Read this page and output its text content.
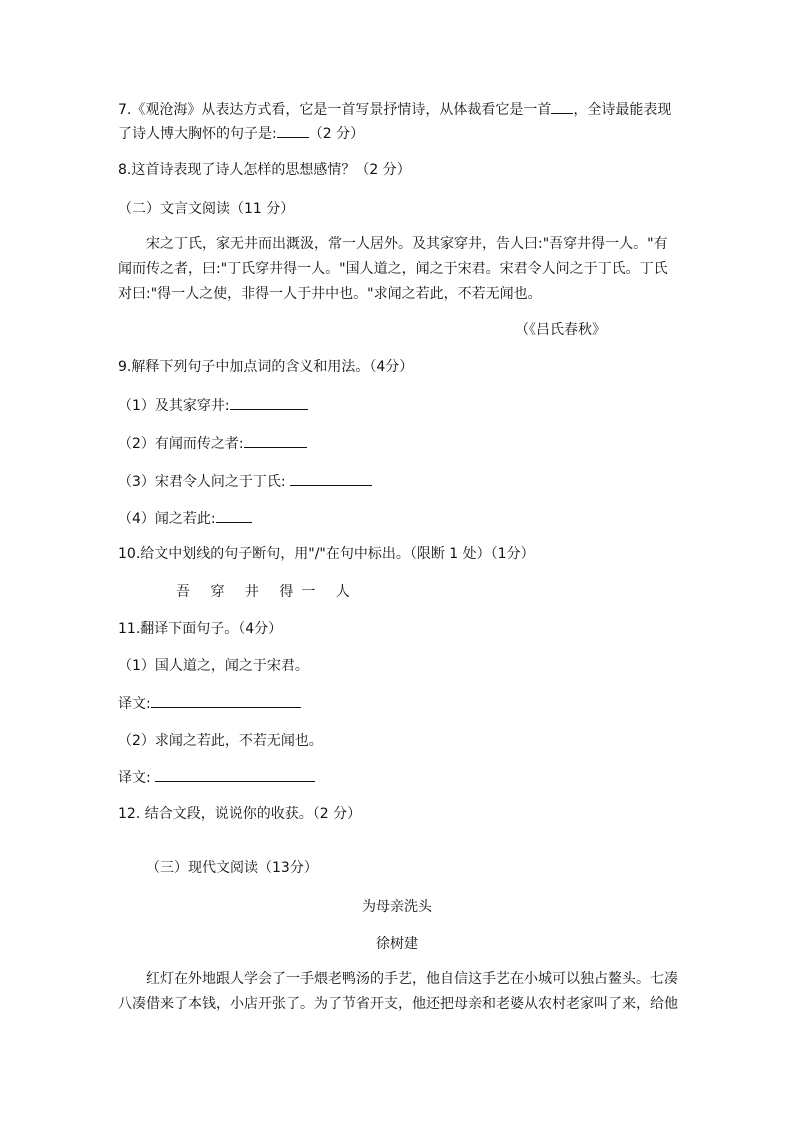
7.《观沧海》从表达方式看，它是一首写景抒情诗，从体裁看它是一首 ，全诗最能表现
了诗人博大胸怀的句子是: （2 分）
8.这首诗表现了诗人怎样的思想感情？（2 分）
（二）文言文阅读（11 分）
宋之丁氏，家无井而出溉汲，常一人居外。及其家穿井，告人曰:"吾穿井得一人。"有
闻而传之者，曰:"丁氏穿井得一人。"国人道之，闻之于宋君。宋君令人问之于丁氏。丁氏
对曰:"得一人之使，非得一人于井中也。"求闻之若此，不若无闻也。
（《吕氏春秋》
9.解释下列句子中加点词的含义和用法。（4分）
（1）及其家穿井:
（2）有闻而传之者:
（3）宋君令人问之于丁氏:
（4）闻之若此:
10.给文中划线的句子断句，用"/"在句中标出。（限断 1 处）（1分）
吾 穿 井 得一 人
11.翻译下面句子。（4分）
（1）国人道之，闻之于宋君。
译文:
（2）求闻之若此，不若无闻也。
译文:
12. 结合文段，说说你的收获。（2 分）
（三）现代文阅读（13分）
为母亲洗头
徐树建
红灯在外地跟人学会了一手煨老鸭汤的手艺，他自信这手艺在小城可以独占鳌头。七凑
八凑借来了本钱，小店开张了。为了节省开支，他还把母亲和老婆从农村老家叫了来，给他
